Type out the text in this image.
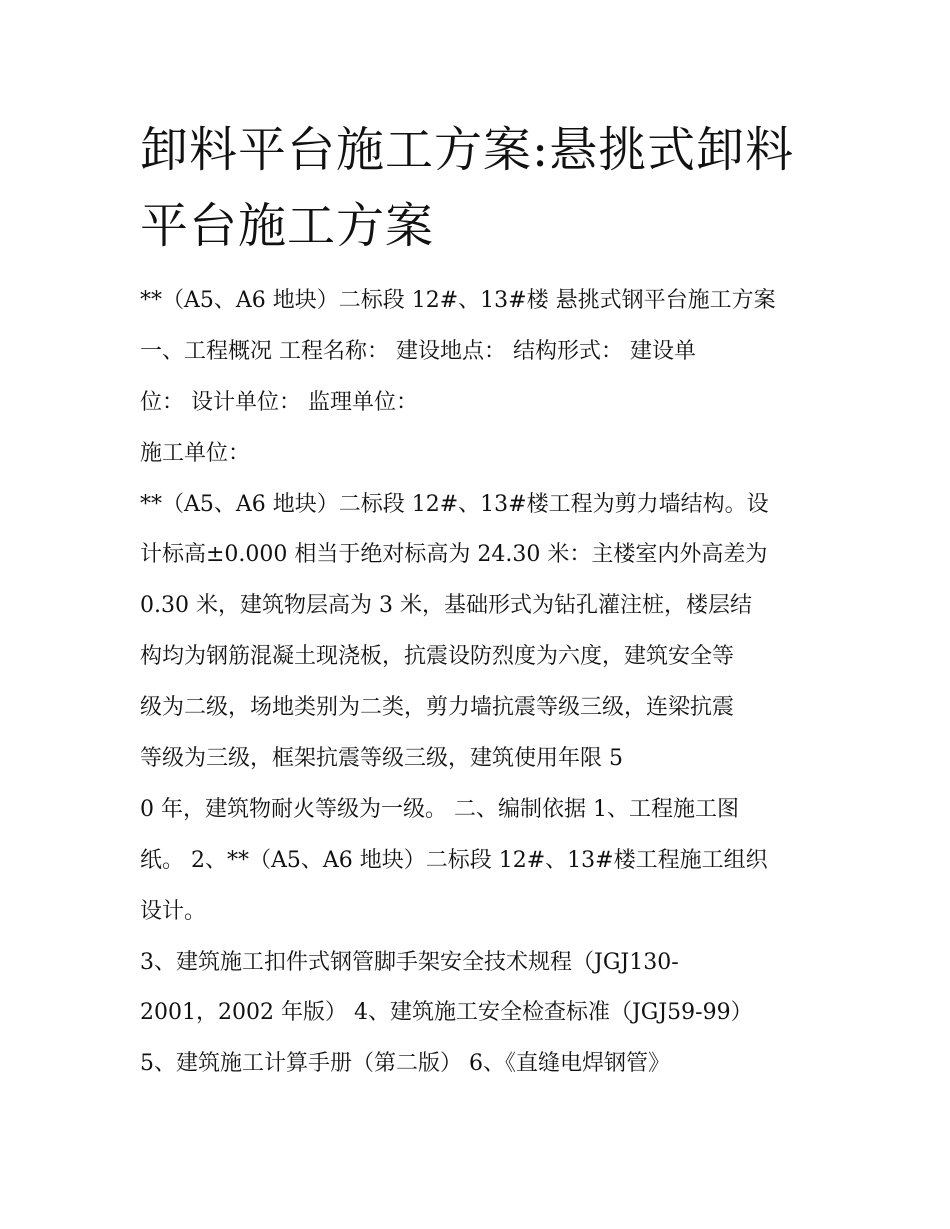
卸料平台施工方案:悬挑式卸料
平台施工方案
**（A5、A6 地块）二标段 12#、13#楼 悬挑式钢平台施工方案
一、工程概况 工程名称： 建设地点： 结构形式： 建设单
位： 设计单位： 监理单位：
施工单位：
**（A5、A6 地块）二标段 12#、13#楼工程为剪力墙结构。设
计标高±0.000 相当于绝对标高为 24.30 米：主楼室内外高差为
0.30 米，建筑物层高为 3 米，基础形式为钻孔灌注桩，楼层结
构均为钢筋混凝土现浇板，抗震设防烈度为六度，建筑安全等
级为二级，场地类别为二类，剪力墙抗震等级三级，连梁抗震
等级为三级，框架抗震等级三级，建筑使用年限 5
0 年，建筑物耐火等级为一级。 二、编制依据 1、工程施工图
纸。 2、**（A5、A6 地块）二标段 12#、13#楼工程施工组织
设计。
3、建筑施工扣件式钢管脚手架安全技术规程（JGJ130-
2001，2002 年版） 4、建筑施工安全检查标准（JGJ59-99）
5、建筑施工计算手册（第二版） 6、《直缝电焊钢管》
